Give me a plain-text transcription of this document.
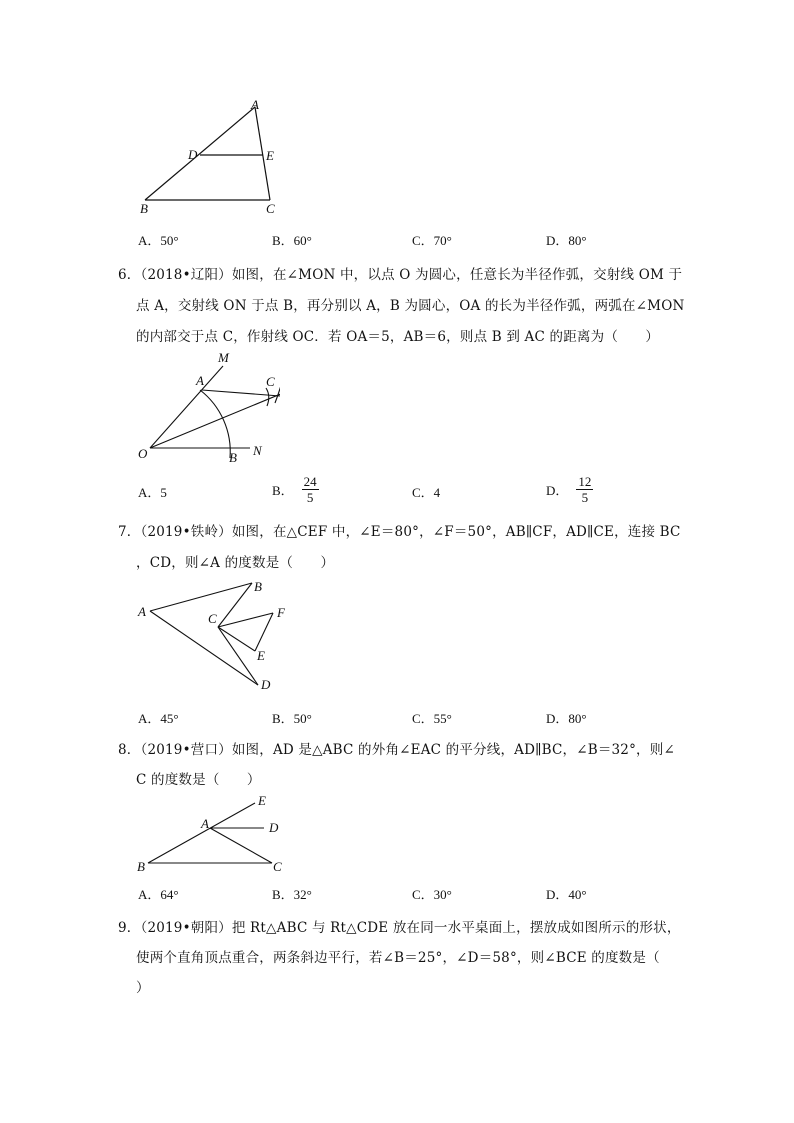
A
D	E
B	C
A．50°	B．60°	C．70°	D．80°
6．（2018•辽阳）如图，在∠MON 中，以点 O 为圆心，任意长为半径作弧，交射线 OM 于
点 A，交射线 ON 于点 B，再分别以 A，B 为圆心，OA 的长为半径作弧，两弧在∠MON
的内部交于点 C，作射线 OC．若 OA＝5，AB＝6，则点 B 到 AC 的距离为（　　）
M
A	C
O	B N
A．5	B． $\frac{24}{5}$	C．4	D． $\frac{12}{5}$
7．（2019•铁岭）如图，在△CEF 中，∠E＝80°，∠F＝50°，AB∥CF，AD∥CE，连接 BC
，CD，则∠A 的度数是（　　）
A
B
C	F
E
D
A．45°	B．50°	C．55°	D．80°
8．（2019•营口）如图，AD 是△ABC 的外角∠EAC 的平分线，AD∥BC，∠B＝32°，则∠
C 的度数是（　　）
E
A	D
B	C
A．64°	B．32°	C．30°	D．40°
9．（2019•朝阳）把 Rt△ABC 与 Rt△CDE 放在同一水平桌面上，摆放成如图所示的形状，
使两个直角顶点重合，两条斜边平行，若∠B＝25°，∠D＝58°，则∠BCE 的度数是（
）
